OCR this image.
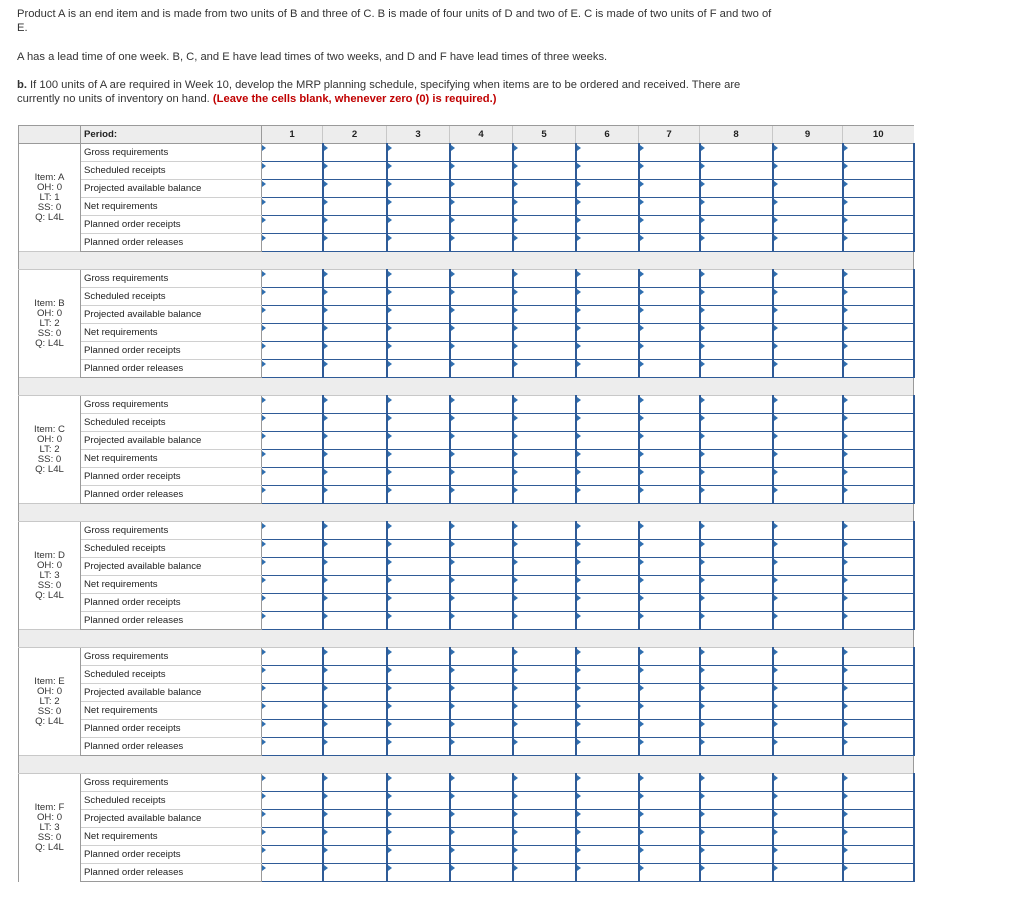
Product A is an end item and is made from two units of B and three of C. B is made of four units of D and two of E. C is made of two units of F and two of E.
A has a lead time of one week. B, C, and E have lead times of two weeks, and D and F have lead times of three weeks.
b. If 100 units of A are required in Week 10, develop the MRP planning schedule, specifying when items are to be ordered and received. There are currently no units of inventory on hand. (Leave the cells blank, whenever zero (0) is required.)
	Period:	1	2	3	4	5	6	7	8	9	10

Item: A
OH: 0
LT: 1
SS: 0
Q: L4L	Gross requirements	

	Scheduled receipts	

	Projected available balance	

	Net requirements	

	Planned order receipts	

	Planned order releases	

Item: B
OH: 0
LT: 2
SS: 0
Q: L4L	Gross requirements	

	Scheduled receipts	

	Projected available balance	

	Net requirements	

	Planned order receipts	

	Planned order releases	

Item: C
OH: 0
LT: 2
SS: 0
Q: L4L	Gross requirements	

	Scheduled receipts	

	Projected available balance	

	Net requirements	

	Planned order receipts	

	Planned order releases	

Item: D
OH: 0
LT: 3
SS: 0
Q: L4L	Gross requirements	

	Scheduled receipts	

	Projected available balance	

	Net requirements	

	Planned order receipts	

	Planned order releases	

Item: E
OH: 0
LT: 2
SS: 0
Q: L4L	Gross requirements	

	Scheduled receipts	

	Projected available balance	

	Net requirements	

	Planned order receipts	

	Planned order releases	

Item: F
OH: 0
LT: 3
SS: 0
Q: L4L	Gross requirements	

	Scheduled receipts	

	Projected available balance	

	Net requirements	

	Planned order receipts	

	Planned order releases	
